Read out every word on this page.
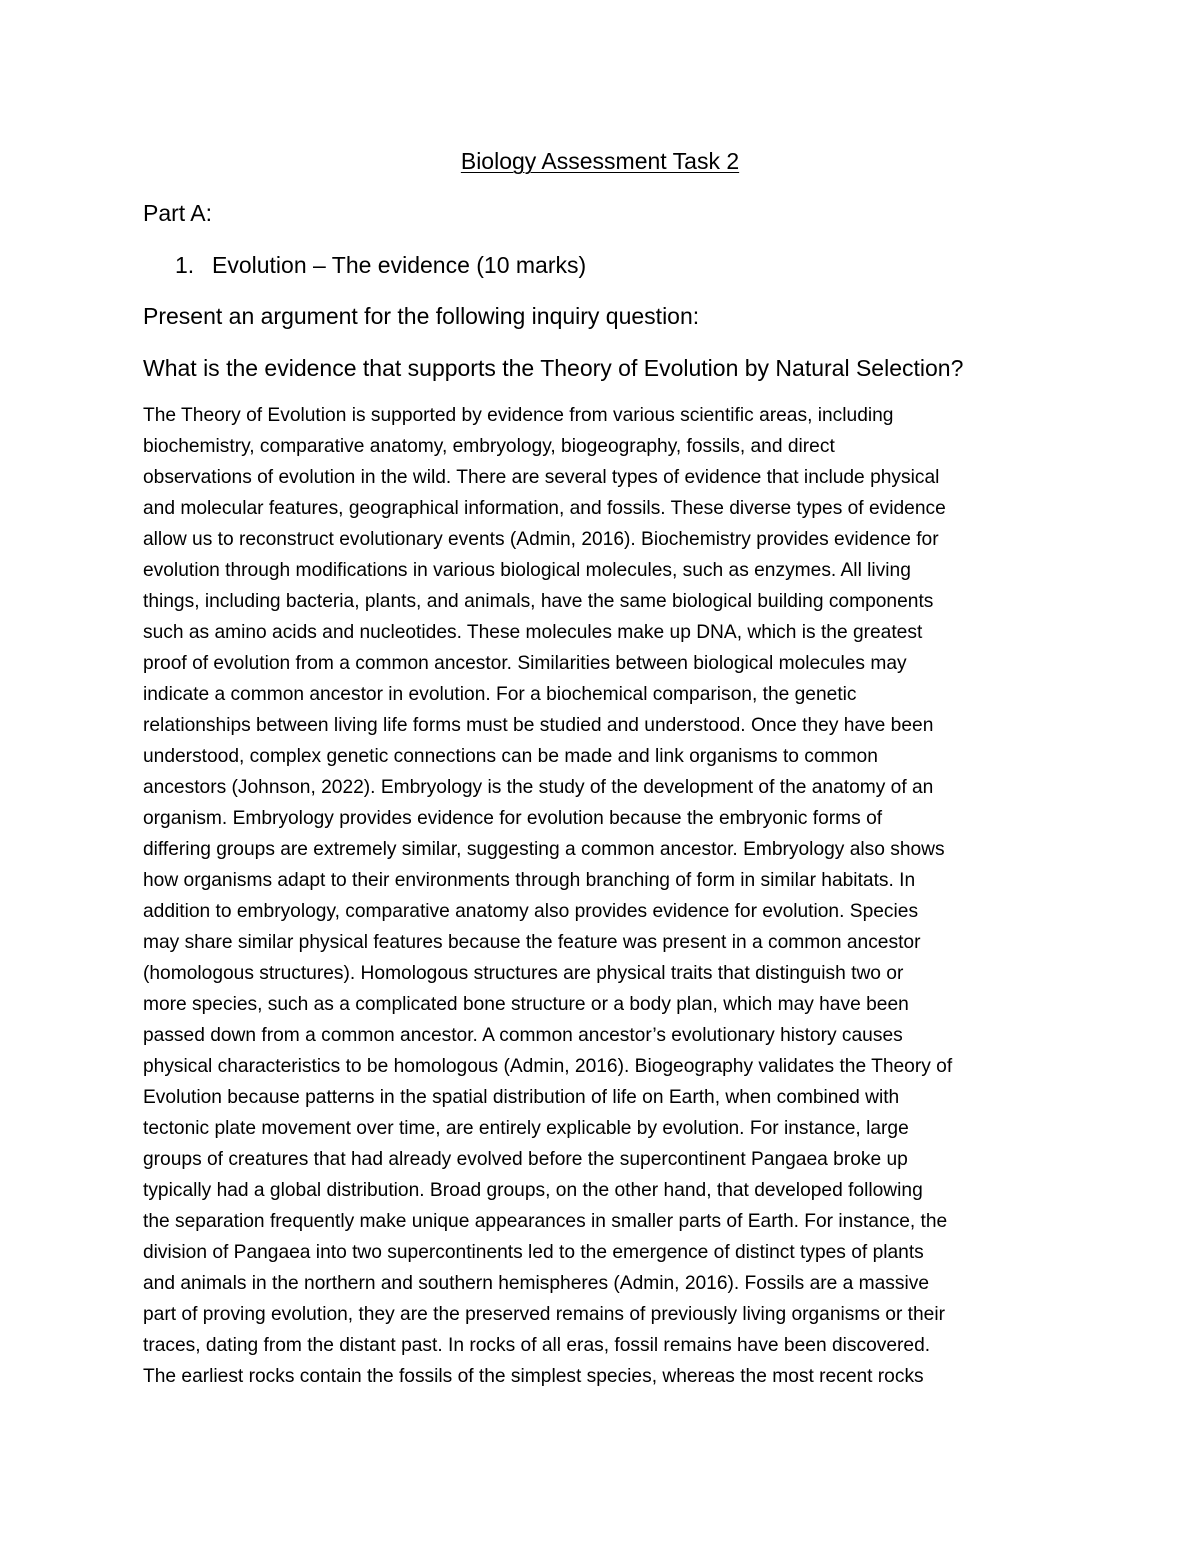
Biology Assessment Task 2
Part A:
1. Evolution – The evidence (10 marks)
Present an argument for the following inquiry question:
What is the evidence that supports the Theory of Evolution by Natural Selection?
The Theory of Evolution is supported by evidence from various scientific areas, including
biochemistry, comparative anatomy, embryology, biogeography, fossils, and direct
observations of evolution in the wild. There are several types of evidence that include physical
and molecular features, geographical information, and fossils. These diverse types of evidence
allow us to reconstruct evolutionary events (Admin, 2016). Biochemistry provides evidence for
evolution through modifications in various biological molecules, such as enzymes. All living
things, including bacteria, plants, and animals, have the same biological building components
such as amino acids and nucleotides. These molecules make up DNA, which is the greatest
proof of evolution from a common ancestor. Similarities between biological molecules may
indicate a common ancestor in evolution. For a biochemical comparison, the genetic
relationships between living life forms must be studied and understood. Once they have been
understood, complex genetic connections can be made and link organisms to common
ancestors (Johnson, 2022). Embryology is the study of the development of the anatomy of an
organism. Embryology provides evidence for evolution because the embryonic forms of
differing groups are extremely similar, suggesting a common ancestor. Embryology also shows
how organisms adapt to their environments through branching of form in similar habitats. In
addition to embryology, comparative anatomy also provides evidence for evolution. Species
may share similar physical features because the feature was present in a common ancestor
(homologous structures). Homologous structures are physical traits that distinguish two or
more species, such as a complicated bone structure or a body plan, which may have been
passed down from a common ancestor. A common ancestor’s evolutionary history causes
physical characteristics to be homologous (Admin, 2016). Biogeography validates the Theory of
Evolution because patterns in the spatial distribution of life on Earth, when combined with
tectonic plate movement over time, are entirely explicable by evolution. For instance, large
groups of creatures that had already evolved before the supercontinent Pangaea broke up
typically had a global distribution. Broad groups, on the other hand, that developed following
the separation frequently make unique appearances in smaller parts of Earth. For instance, the
division of Pangaea into two supercontinents led to the emergence of distinct types of plants
and animals in the northern and southern hemispheres (Admin, 2016). Fossils are a massive
part of proving evolution, they are the preserved remains of previously living organisms or their
traces, dating from the distant past. In rocks of all eras, fossil remains have been discovered.
The earliest rocks contain the fossils of the simplest species, whereas the most recent rocks
